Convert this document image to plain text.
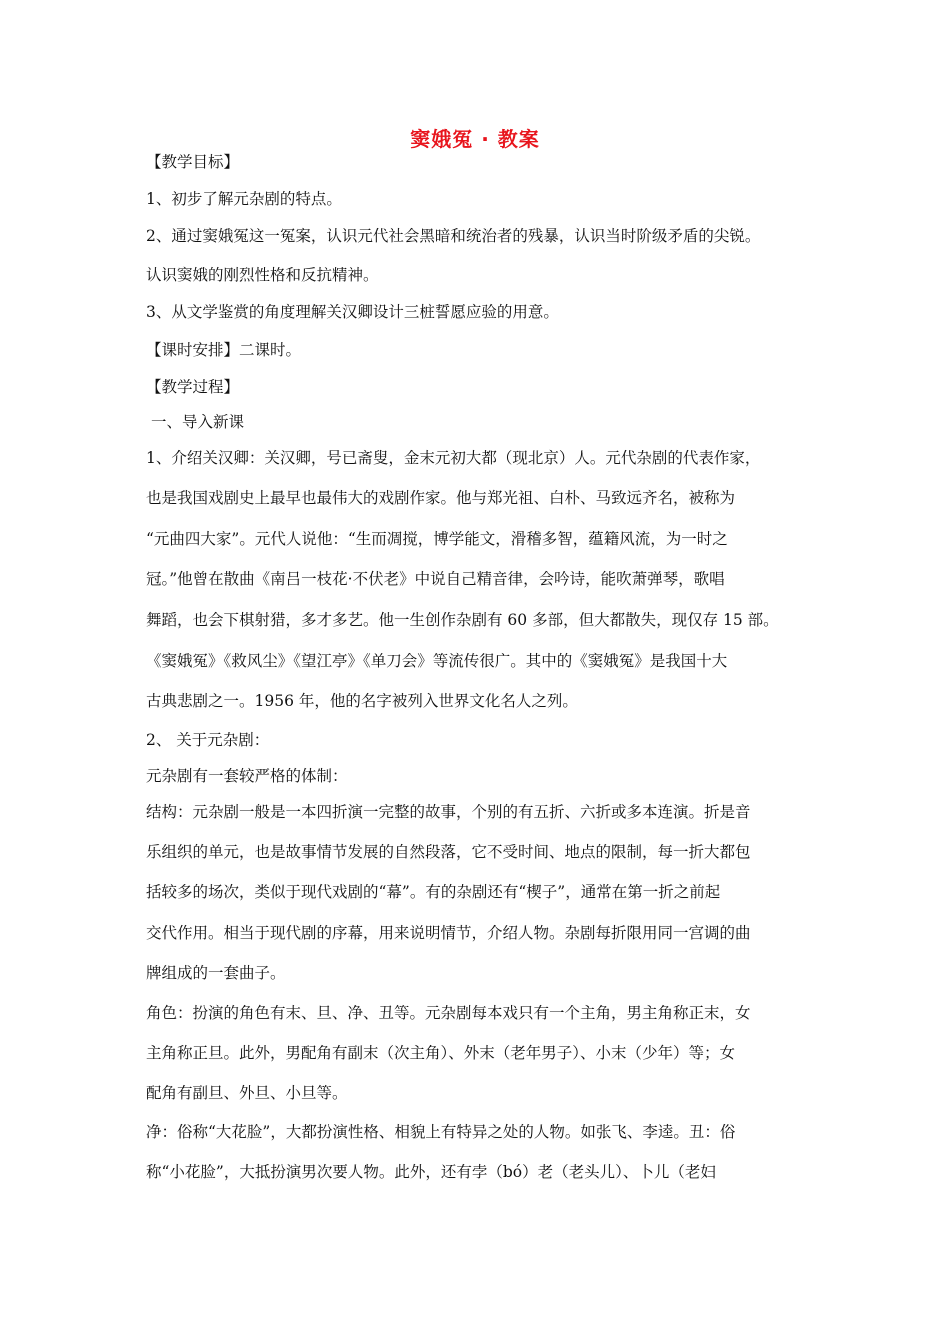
窦娥冤 · 教案
【教学目标】
1、初步了解元杂剧的特点。
2、通过窦娥冤这一冤案，认识元代社会黑暗和统治者的残暴，认识当时阶级矛盾的尖锐。
认识窦娥的刚烈性格和反抗精神。
3、从文学鉴赏的角度理解关汉卿设计三桩誓愿应验的用意。
【课时安排】二课时。
【教学过程】
一、导入新课
1、介绍关汉卿：关汉卿，号已斋叟，金末元初大都（现北京）人。元代杂剧的代表作家，
也是我国戏剧史上最早也最伟大的戏剧作家。他与郑光祖、白朴、马致远齐名，被称为
“元曲四大家”。元代人说他：“生而凋搅，博学能文，滑稽多智，蕴籍风流，为一时之
冠。”他曾在散曲《南吕一枝花·不伏老》中说自己精音律，会吟诗，能吹萧弹琴，歌唱
舞蹈，也会下棋射猎，多才多艺。他一生创作杂剧有 60 多部，但大都散失，现仅存 15 部。
《窦娥冤》《救风尘》《望江亭》《单刀会》等流传很广。其中的《窦娥冤》是我国十大
古典悲剧之一。1956 年，他的名字被列入世界文化名人之列。
2、 关于元杂剧：
元杂剧有一套较严格的体制：
结构：元杂剧一般是一本四折演一完整的故事，个别的有五折、六折或多本连演。折是音
乐组织的单元，也是故事情节发展的自然段落，它不受时间、地点的限制，每一折大都包
括较多的场次，类似于现代戏剧的“幕”。有的杂剧还有“楔子”，通常在第一折之前起
交代作用。相当于现代剧的序幕，用来说明情节，介绍人物。杂剧每折限用同一宫调的曲
牌组成的一套曲子。
角色：扮演的角色有末、旦、净、丑等。元杂剧每本戏只有一个主角，男主角称正末，女
主角称正旦。此外，男配角有副末（次主角）、外末（老年男子）、小末（少年）等；女
配角有副旦、外旦、小旦等。
净：俗称“大花脸”，大都扮演性格、相貌上有特异之处的人物。如张飞、李逵。丑：俗
称“小花脸”，大抵扮演男次要人物。此外，还有孛（bó）老（老头儿）、卜儿（老妇
